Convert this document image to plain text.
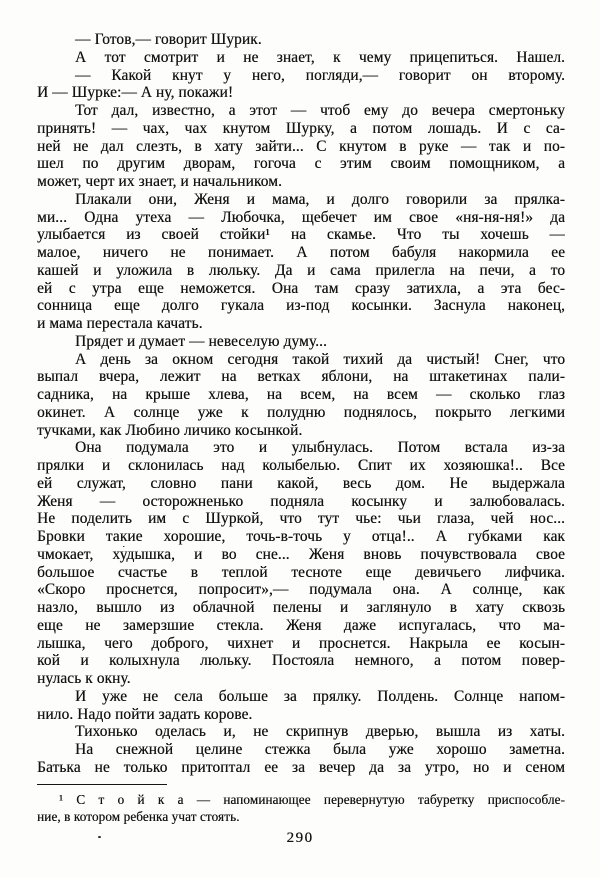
— Готов,— говорит Шурик.
А тот смотрит и не знает, к чему прицепиться. Нашел.
— Какой кнут у него, погляди,— говорит он второму.
И — Шурке:— А ну, покажи!
Тот дал, известно, а этот — чтоб ему до вечера смертоньку
принять! — чах, чах кнутом Шурку, а потом лошадь. И с са-
ней не дал слезть, в хату зайти... С кнутом в руке — так и по-
шел по другим дворам, гогоча с этим своим помощником, а
может, черт их знает, и начальником.
Плакали они, Женя и мама, и долго говорили за прялка-
ми... Одна утеха — Любочка, щебечет им свое «ня-ня-ня!» да
улыбается из своей стойки¹ на скамье. Что ты хочешь —
малое, ничего не понимает. А потом бабуля накормила ее
кашей и уложила в люльку. Да и сама прилегла на печи, а то
ей с утра еще неможется. Она там сразу затихла, а эта бес-
сонница еще долго гукала из-под косынки. Заснула наконец,
и мама перестала качать.
Прядет и думает — невеселую думу...
А день за окном сегодня такой тихий да чистый! Снег, что
выпал вчера, лежит на ветках яблони, на штакетинах пали-
садника, на крыше хлева, на всем, на всем — сколько глаз
окинет. А солнце уже к полудню поднялось, покрыто легкими
тучками, как Любино личико косынкой.
Она подумала это и улыбнулась. Потом встала из-за
прялки и склонилась над колыбелью. Спит их хозяюшка!.. Все
ей служат, словно пани какой, весь дом. Не выдержала
Женя — осторожненько подняла косынку и залюбовалась.
Не поделить им с Шуркой, что тут чье: чьи глаза, чей нос...
Бровки такие хорошие, точь-в-точь у отца!.. А губками как
чмокает, ху́дышка, и во сне... Женя вновь почувствовала свое
большое счастье в теплой тесноте еще девичьего лифчика.
«Скоро проснется, попросит»,— подумала она. А солнце, как
назло, вышло из облачной пелены и заглянуло в хату сквозь
еще не замерзшие стекла. Женя даже испугалась, что ма-
лышка, чего доброго, чихнет и проснется. Накрыла ее косын-
кой и колыхнула люльку. Постояла немного, а потом повер-
нулась к окну.
И уже не села больше за прялку. Полдень. Солнце напом-
нило. Надо пойти задать корове.
Тихонько оделась и, не скрипнув дверью, вышла из хаты.
На снежной целине стежка была уже хорошо заметна.
Батька не только притоптал ее за вечер да за утро, но и сеном
¹ С т о й к а — напоминающее перевернутую табуретку приспособле-
ние, в котором ребенка учат стоять.
290
